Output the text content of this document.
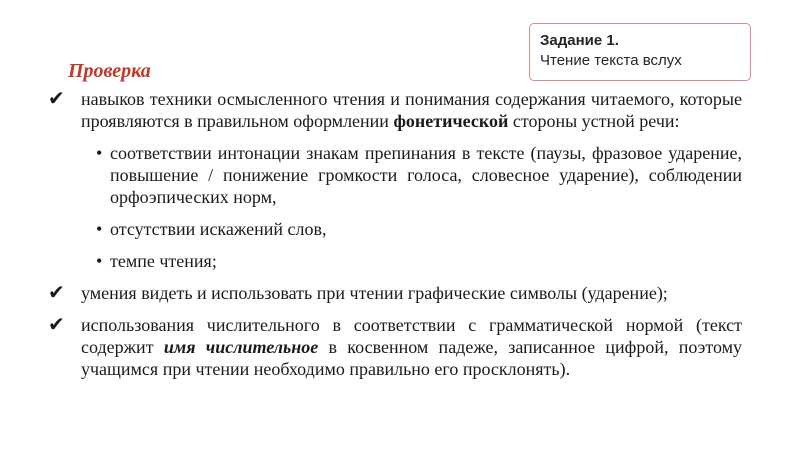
Задание 1.
Чтение текста вслух
Проверка
✔ навыков техники осмысленного чтения и понимания содержания читаемого, которые проявляются в правильном оформлении фонетической стороны устной речи:
• соответствии интонации знакам препинания в тексте (паузы, фразовое ударение, повышение / понижение громкости голоса, словесное ударение), соблюдении орфоэпических норм,
• отсутствии искажений слов,
• темпе чтения;
✔ умения видеть и использовать при чтении графические символы (ударение);
✔ использования числительного в соответствии с грамматической нормой (текст содержит имя числительное в косвенном падеже, записанное цифрой, поэтому учащимся при чтении необходимо правильно его просклонять).
